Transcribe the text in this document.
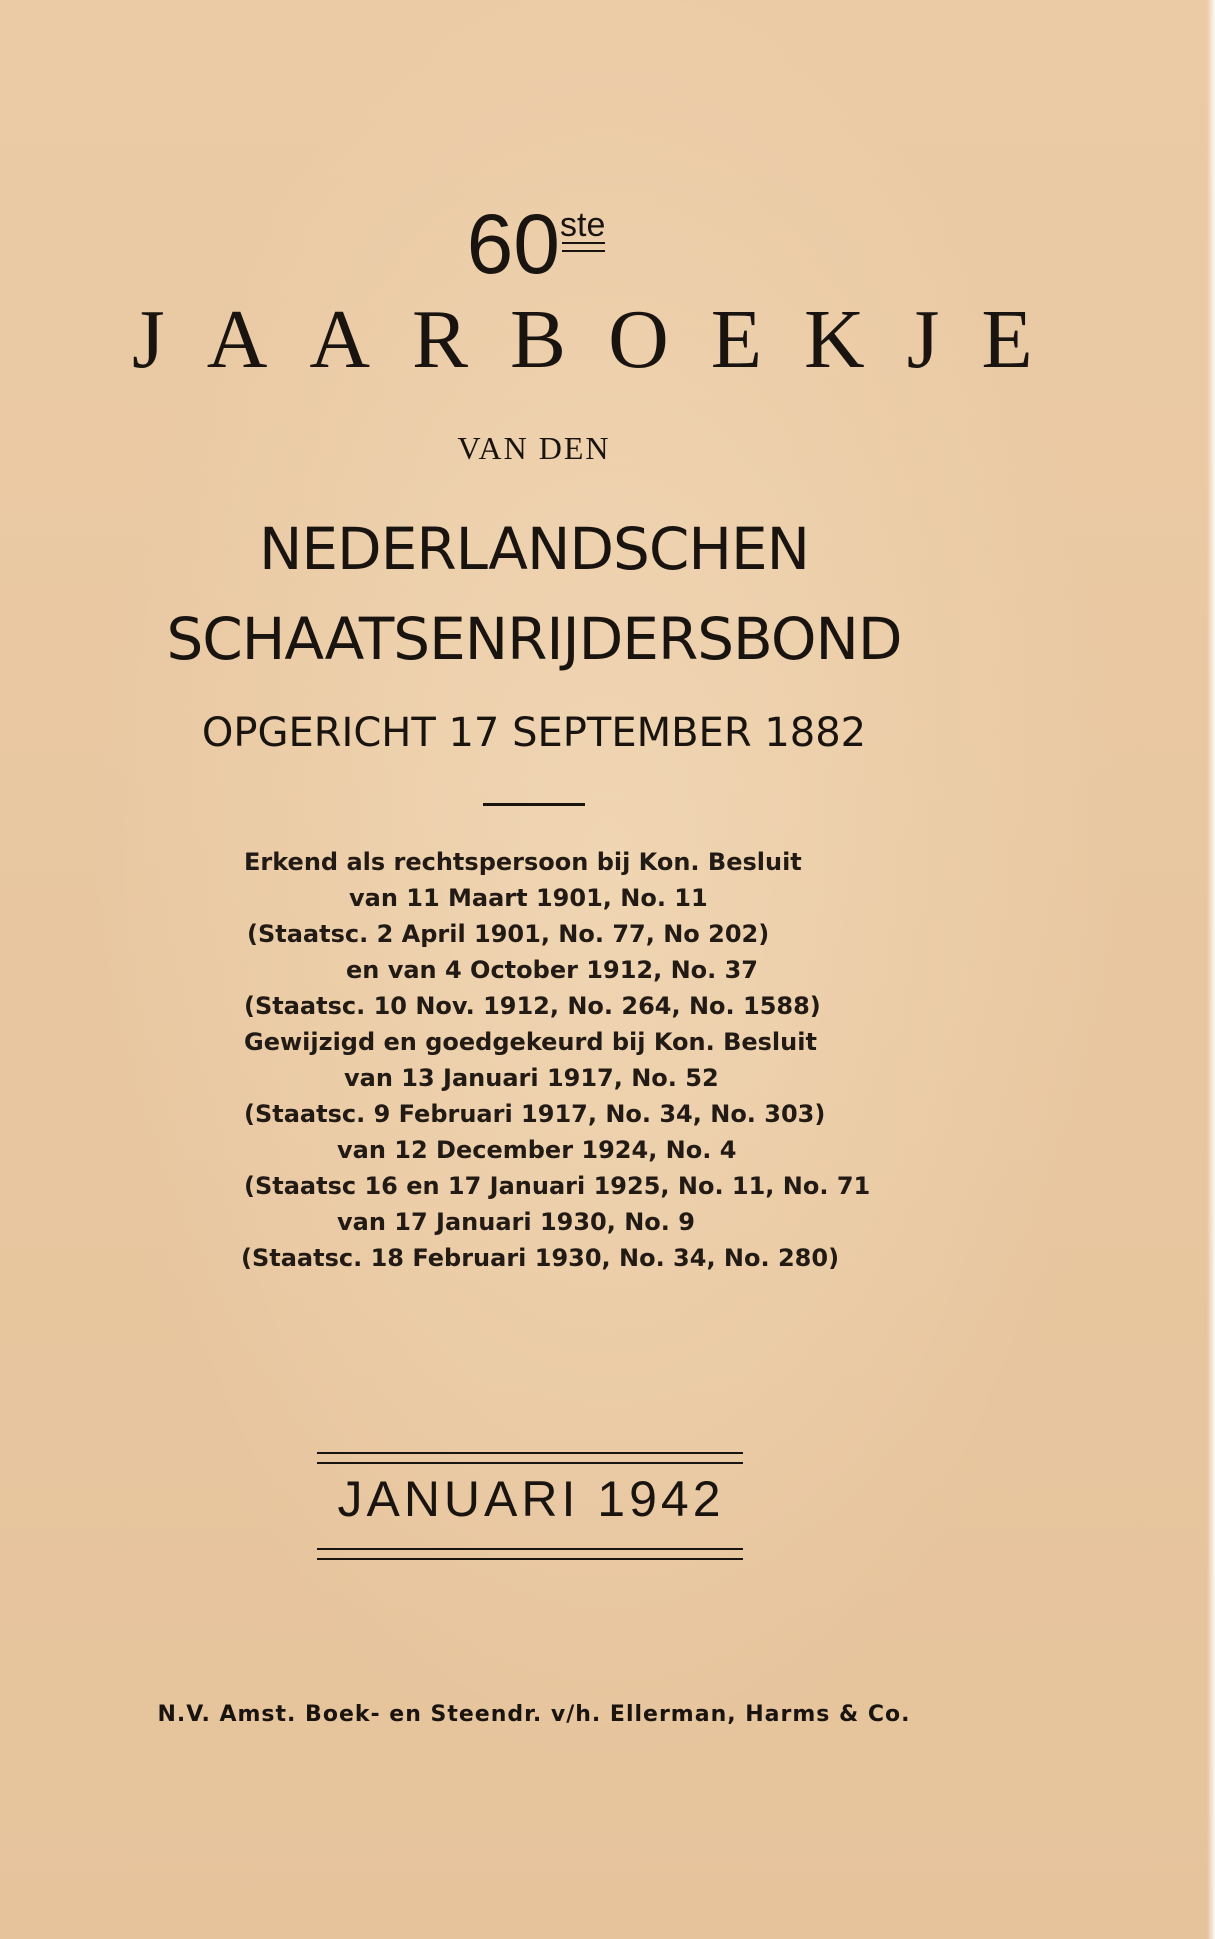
60ste
JAARBOEKJE
VAN DEN
NEDERLANDSCHEN
SCHAATSENRIJDERSBOND
OPGERICHT 17 SEPTEMBER 1882
Erkend als rechtspersoon bij Kon. Besluit
van 11 Maart 1901, No. 11
(Staatsc. 2 April 1901, No. 77, No 202)
en van 4 October 1912, No. 37
(Staatsc. 10 Nov. 1912, No. 264, No. 1588)
Gewijzigd en goedgekeurd bij Kon. Besluit
van 13 Januari 1917, No. 52
(Staatsc. 9 Februari 1917, No. 34, No. 303)
van 12 December 1924, No. 4
(Staatsc 16 en 17 Januari 1925, No. 11, No. 71
van 17 Januari 1930, No. 9
(Staatsc. 18 Februari 1930, No. 34, No. 280)
JANUARI 1942
N.V. Amst. Boek- en Steendr. v/h. Ellerman, Harms & Co.
